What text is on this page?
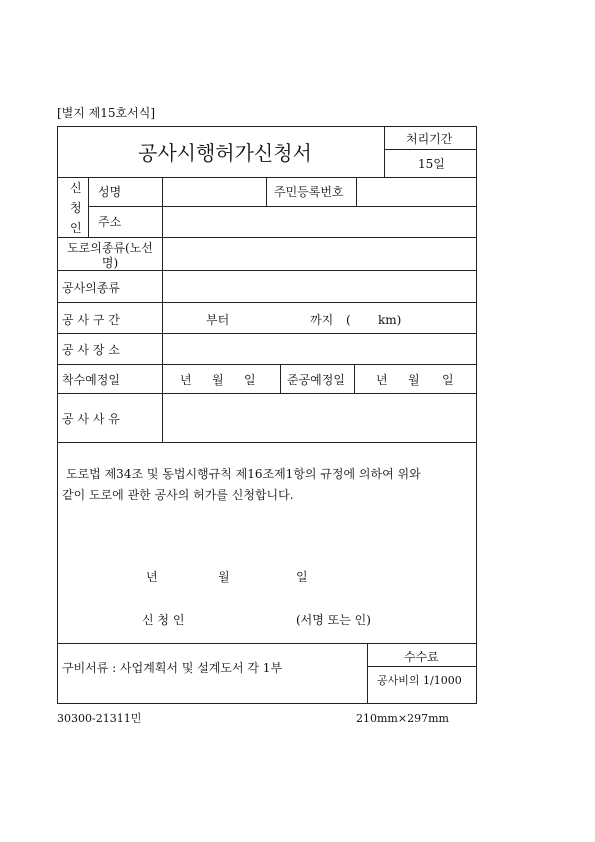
[별지 제15호서식]
공사시행허가신청서
처리기간
15일
신
청
인
성명	주민등록번호
주소
도로의종류(노선명)
공사의종류
공 사 구 간	부터	까지 ( km)
공 사 장 소
착수예정일	년 월 일	준공예정일	년 월 일
공 사 사 유
도로법 제34조 및 동법시행규칙 제16조제1항의 규정에 의하여 위와
같이 도로에 관한 공사의 허가를 신청합니다.
년	월	일
신 청 인	(서명 또는 인)
구비서류 : 사업계획서 및 설계도서 각 1부
수수료
공사비의 1/1000
30300-21311민	210mm×297mm
